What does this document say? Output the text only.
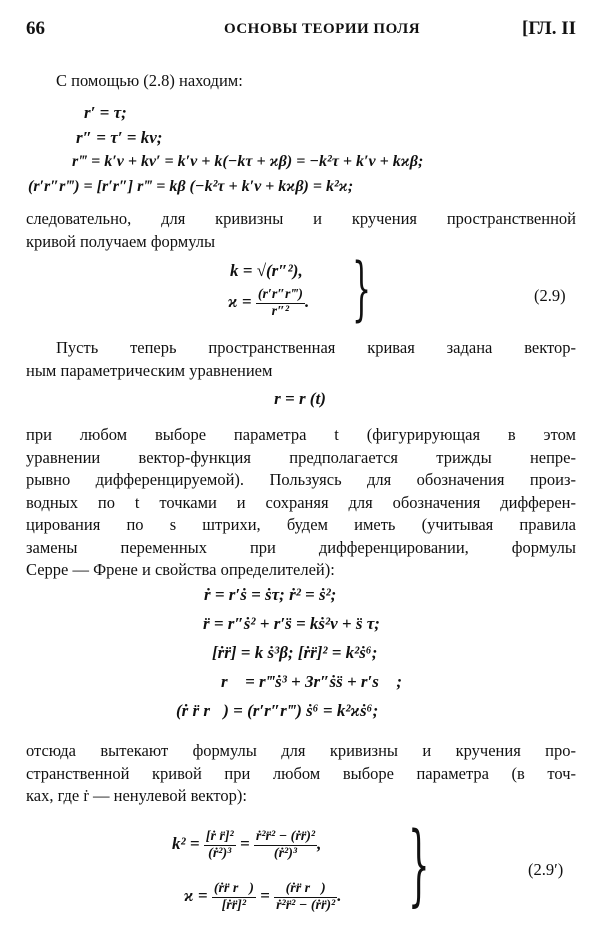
66	ОСНОВЫ ТЕОРИИ ПОЛЯ	[ГЛ. II
С помощью (2.8) находим:
r′ = τ;
r″ = τ′ = kν;
r‴ = k′ν + kν′ = k′ν + k(−kτ + ϰβ) = −k²τ + k′ν + kϰβ;
(r′r″r‴) = [r′r″] r‴ = kβ (−k²τ + k′ν + kϰβ) = k²ϰ;
следовательно, для кривизны и кручения пространственной
кривой получаем формулы
k = √(r″²),
$ϰ = \frac{(r'r''r‴)}{\text{r″²}}$ . }	(2.9)
Пусть теперь пространственная кривая задана вектор-
ным параметрическим уравнением
r = r (t)
при любом выборе параметра t (фигурирующая в этом
уравнении вектор-функция предполагается трижды непре-
рывно дифференцируемой). Пользуясь для обозначения произ-
водных по t точками и сохраняя для обозначения дифферен-
цирования по s штрихи, будем иметь (учитывая правила
замены переменных при дифференцировании, формулы
Серре — Френе и свойства определителей):
ṙ = r′ṡ = ṡτ; ṙ² = ṡ²;
r̈ = r″ṡ² + r′s̈ = kṡ²ν + s̈ τ;
[ṙr̈] = k ṡ³β; [ṙr̈]² = k²ṡ⁶;
r⃛ = r‴ṡ³ + 3r″ṡs̈ + r′s⃛ ;
(ṙ r̈ r⃛) = (r′r″r‴) ṡ⁶ = k²ϰṡ⁶;
отсюда вытекают формулы для кривизны и кручения про-
странственной кривой при любом выборе параметра (в точ-
ках, где ṙ — ненулевой вектор):
$k^2 = \frac{\text{[ṙ r̈]²}}{\text{(ṙ²)³}} = \frac{\text{ṙ²r̈² − (ṙr̈)²}}{\text{(ṙ²)³}}$ ,
$ϰ = \frac{\text{(ṙr̈ r⃛)}}{\text{[ṙr̈]²}} = \frac{\text{(ṙr̈ r⃛)}}{\text{ṙ²r̈² − (ṙr̈)²}}$ . }	(2.9′)
